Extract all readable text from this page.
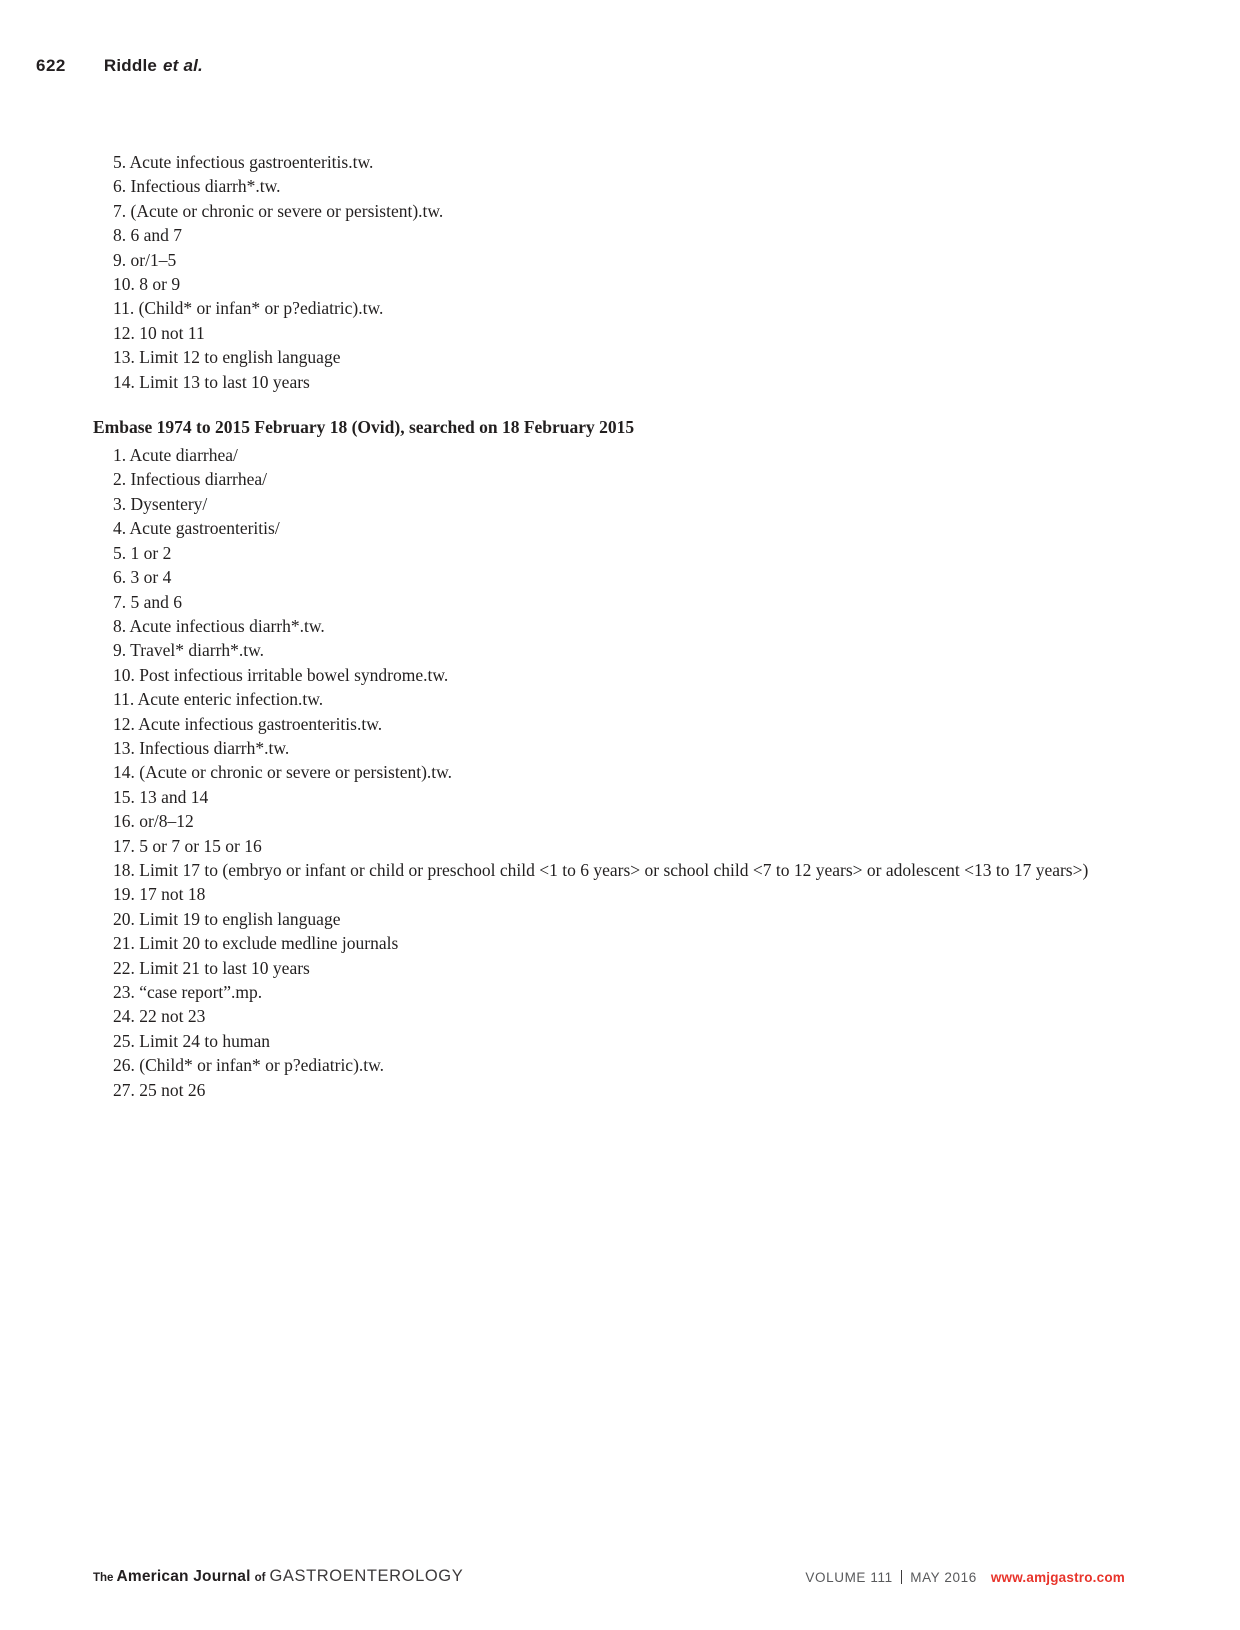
622 Riddle et al.
5. Acute infectious gastroenteritis.tw.
6. Infectious diarrh*.tw.
7. (Acute or chronic or severe or persistent).tw.
8. 6 and 7
9. or/1–5
10. 8 or 9
11. (Child* or infan* or p?ediatric).tw.
12. 10 not 11
13. Limit 12 to english language
14. Limit 13 to last 10 years
Embase 1974 to 2015 February 18 (Ovid), searched on 18 February 2015
1. Acute diarrhea/
2. Infectious diarrhea/
3. Dysentery/
4. Acute gastroenteritis/
5. 1 or 2
6. 3 or 4
7. 5 and 6
8. Acute infectious diarrh*.tw.
9. Travel* diarrh*.tw.
10. Post infectious irritable bowel syndrome.tw.
11. Acute enteric infection.tw.
12. Acute infectious gastroenteritis.tw.
13. Infectious diarrh*.tw.
14. (Acute or chronic or severe or persistent).tw.
15. 13 and 14
16. or/8–12
17. 5 or 7 or 15 or 16
18. Limit 17 to (embryo or infant or child or preschool child <1 to 6 years> or school child <7 to 12 years> or adolescent <13 to 17 years>)
19. 17 not 18
20. Limit 19 to english language
21. Limit 20 to exclude medline journals
22. Limit 21 to last 10 years
23. “case report”.mp.
24. 22 not 23
25. Limit 24 to human
26. (Child* or infan* or p?ediatric).tw.
27. 25 not 26
The American Journal of GASTROENTEROLOGY	VOLUME 111 MAY 2016 www.amjgastro.com
